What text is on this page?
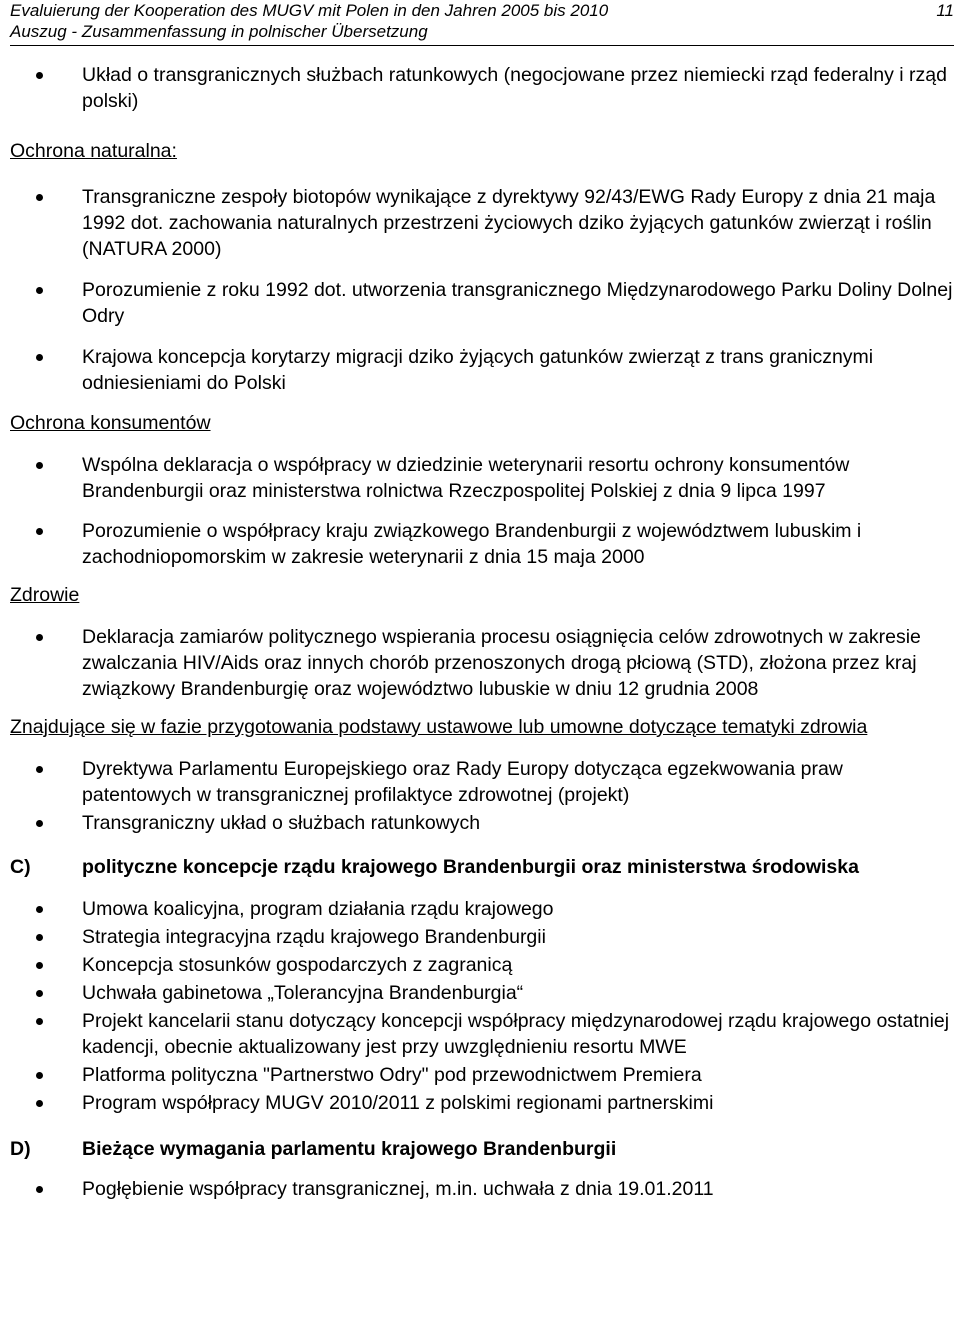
Evaluierung der Kooperation des MUGV mit Polen in den Jahren 2005 bis 2010
Auszug - Zusammenfassung in polnischer Übersetzung
11
Układ o transgranicznych służbach ratunkowych (negocjowane przez niemiecki rząd federalny i rząd polski)
Ochrona naturalna:
Transgraniczne zespoły biotopów wynikające z dyrektywy 92/43/EWG Rady Europy z dnia 21 maja 1992 dot. zachowania naturalnych przestrzeni życiowych dziko żyjących gatunków zwierząt i roślin (NATURA 2000)
Porozumienie z roku 1992 dot. utworzenia transgranicznego Międzynarodowego Parku Doliny Dolnej Odry
Krajowa koncepcja korytarzy migracji dziko żyjących gatunków zwierząt z trans granicznymi odniesieniami do Polski
Ochrona konsumentów
Wspólna deklaracja o współpracy w dziedzinie weterynarii resortu ochrony konsumentów Brandenburgii oraz ministerstwa rolnictwa Rzeczpospolitej Polskiej z dnia 9 lipca 1997
Porozumienie o współpracy kraju związkowego Brandenburgii z województwem lubuskim i zachodniopomorskim w zakresie weterynarii z dnia 15 maja 2000
Zdrowie
Deklaracja zamiarów politycznego wspierania procesu osiągnięcia celów zdrowotnych w zakresie zwalczania HIV/Aids oraz innych chorób przenoszonych drogą płciową (STD), złożona przez kraj związkowy Brandenburgię oraz województwo lubuskie w dniu 12 grudnia 2008
Znajdujące się w fazie przygotowania podstawy ustawowe lub umowne dotyczące tematyki zdrowia
Dyrektywa Parlamentu Europejskiego oraz Rady Europy dotycząca egzekwowania praw patentowych w transgranicznej profilaktyce zdrowotnej (projekt)
Transgraniczny układ o służbach ratunkowych
C)	polityczne koncepcje rządu krajowego Brandenburgii oraz ministerstwa środowiska
Umowa koalicyjna, program działania rządu krajowego
Strategia integracyjna rządu krajowego Brandenburgii
Koncepcja stosunków gospodarczych z zagranicą
Uchwała gabinetowa „Tolerancyjna Brandenburgia“
Projekt kancelarii stanu dotyczący koncepcji współpracy międzynarodowej rządu krajowego ostatniej kadencji, obecnie aktualizowany jest przy uwzględnieniu resortu MWE
Platforma polityczna "Partnerstwo Odry" pod przewodnictwem Premiera
Program współpracy MUGV 2010/2011 z polskimi regionami partnerskimi
D)	Bieżące wymagania parlamentu krajowego Brandenburgii
Pogłębienie współpracy transgranicznej, m.in. uchwała z dnia 19.01.2011
